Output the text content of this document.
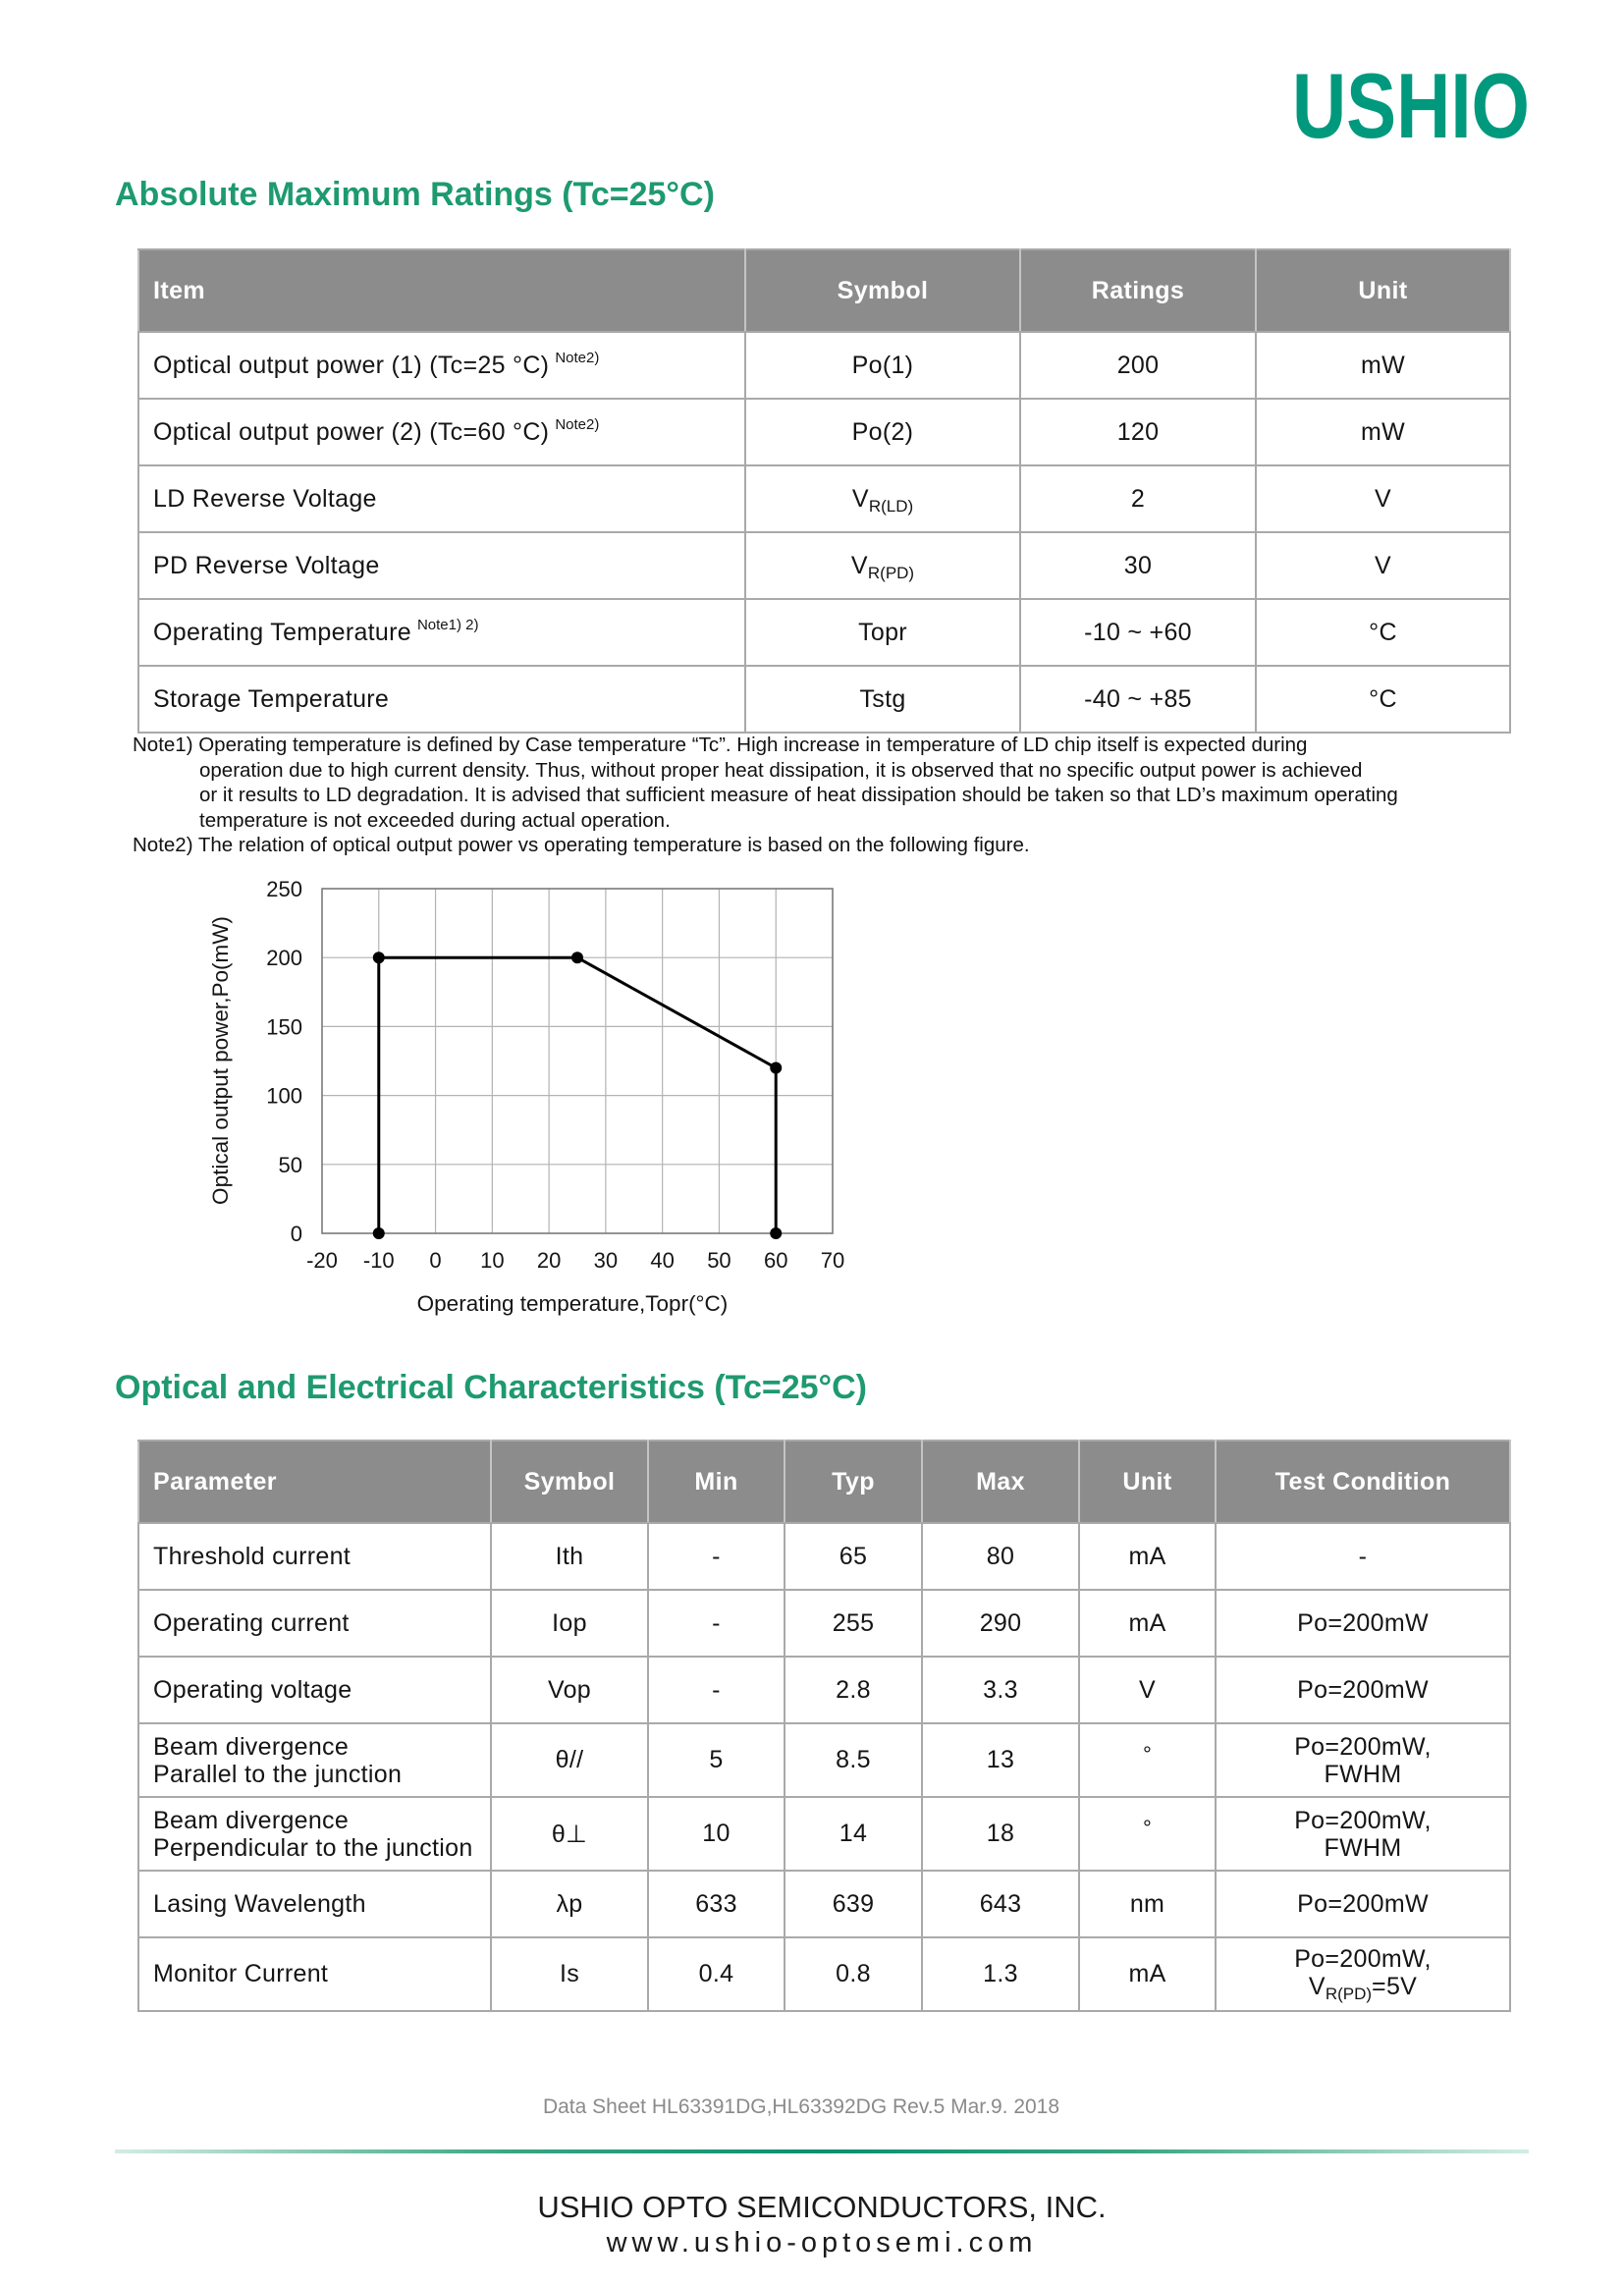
USHIO
Absolute Maximum Ratings (Tc=25°C)
Item	Symbol	Ratings	Unit
Optical output power (1) (Tc=25 °C) $^{Note2)}$	Po(1)	200	mW
Optical output power (2) (Tc=60 °C) $^{Note2)}$	Po(2)	120	mW
LD Reverse Voltage	$V_{R(LD)}$	2	V
PD Reverse Voltage	$V_{R(PD)}$	30	V
Operating Temperature $^{Note1) 2)}$	Topr	-10 ~ +60	°C
Storage Temperature	Tstg	-40 ~ +85	°C
Note1) Operating temperature is defined by Case temperature “Tc”. High increase in temperature of LD chip itself is expected during
operation due to high current density. Thus, without proper heat dissipation, it is observed that no specific output power is achieved
or it results to LD degradation. It is advised that sufficient measure of heat dissipation should be taken so that LD’s maximum operating
temperature is not exceeded during actual operation.
Note2) The relation of optical output power vs operating temperature is based on the following figure.
Optical output power,Po(mW)
Operating temperature,Topr(°C)
-20 -10 0 10 20 30 40 50 60 70
0
50
100
150
200
250
Optical and Electrical Characteristics (Tc=25°C)
Parameter	Symbol	Min	Typ	Max	Unit	Test Condition
Threshold current	Ith	-	65	80	mA	-
Operating current	Iop	-	255	290	mA	Po=200mW
Operating voltage	Vop	-	2.8	3.3	V	Po=200mW

Beam divergence
Parallel to the junction	θ//	5	8.5	13	°	Po=200mW,
FWHM

Beam divergence
Perpendicular to the junction	θ⊥	10	14	18	°	Po=200mW,
FWHM

Lasing Wavelength	λp	633	639	643	nm	Po=200mW
Monitor Current	Is	0.4	0.8	1.3	mA	Po=200mW,
$V_{R(PD)}=5V$
Data Sheet HL63391DG,HL63392DG Rev.5 Mar.9. 2018
USHIO OPTO SEMICONDUCTORS, INC.
www.ushio-optosemi.com
